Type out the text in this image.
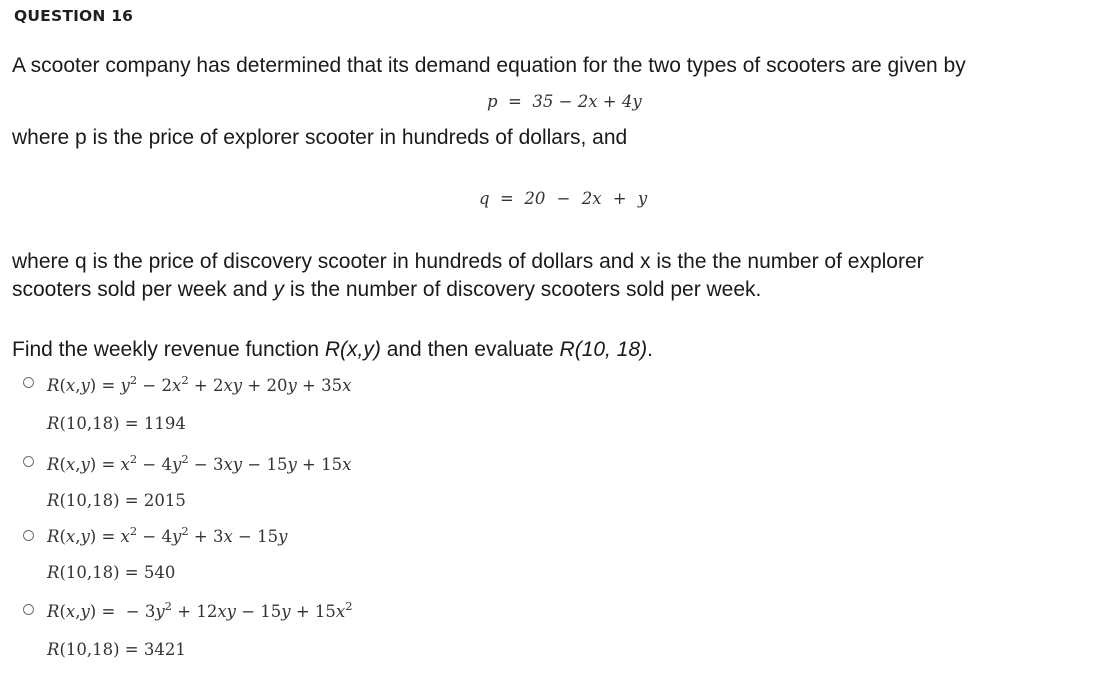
QUESTION 16
A scooter company has determined that its demand equation for the two types of scooters are given by
p  =  35 − 2x + 4y
where p is the price of explorer scooter in hundreds of dollars, and
q  =  20 − 2x + y
where q is the price of discovery scooter in hundreds of dollars and x is the the number of explorer
scooters sold per week and y is the number of discovery scooters sold per week.
Find the weekly revenue function R(x,y) and then evaluate R(10, 18).
$R(x,y) = y^2 - 2x^2 + 2xy + 20y + 35x$
R(10,18) = 1194
$R(x,y) = x^2 - 4y^2 - 3xy - 15y + 15x$
R(10,18) = 2015
$R(x,y) = x^2 - 4y^2 + 3x - 15y$
R(10,18) = 540
R(x,y) =  − $3y^2 + 12xy - 15y + 15x^2$
R(10,18) = 3421
